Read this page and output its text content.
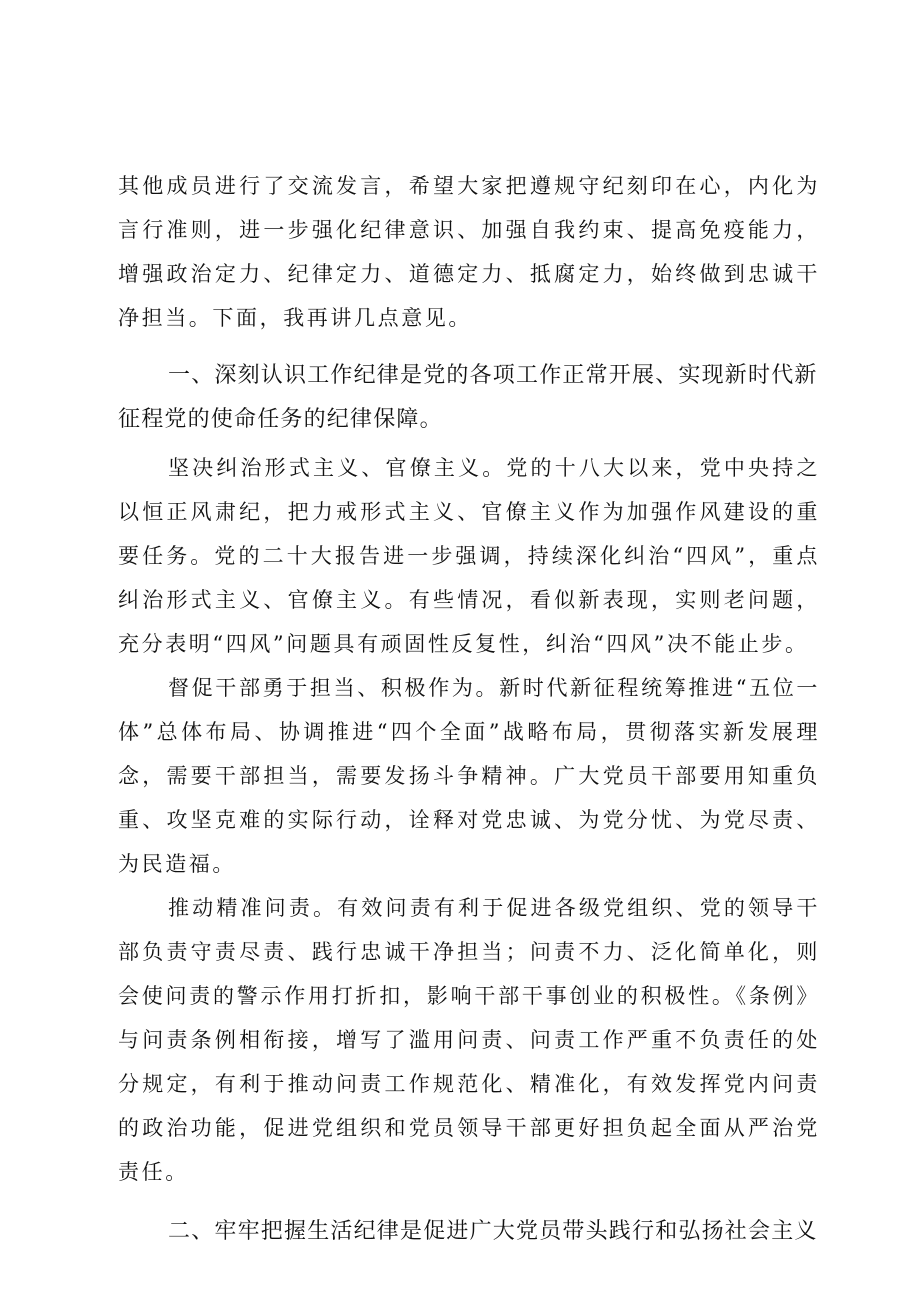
其他成员进行了交流发言，希望大家把遵规守纪刻印在心，内化为言行准则，进一步强化纪律意识、加强自我约束、提高免疫能力，增强政治定力、纪律定力、道德定力、抵腐定力，始终做到忠诚干净担当。下面，我再讲几点意见。

一、深刻认识工作纪律是党的各项工作正常开展、实现新时代新征程党的使命任务的纪律保障。

坚决纠治形式主义、官僚主义。党的十八大以来，党中央持之以恒正风肃纪，把力戒形式主义、官僚主义作为加强作风建设的重要任务。党的二十大报告进一步强调，持续深化纠治“四风”，重点纠治形式主义、官僚主义。有些情况，看似新表现，实则老问题，充分表明“四风”问题具有顽固性反复性，纠治“四风”决不能止步。

督促干部勇于担当、积极作为。新时代新征程统筹推进“五位一体”总体布局、协调推进“四个全面”战略布局，贯彻落实新发展理念，需要干部担当，需要发扬斗争精神。广大党员干部要用知重负重、攻坚克难的实际行动，诠释对党忠诚、为党分忧、为党尽责、为民造福。

推动精准问责。有效问责有利于促进各级党组织、党的领导干部负责守责尽责、践行忠诚干净担当；问责不力、泛化简单化，则会使问责的警示作用打折扣，影响干部干事创业的积极性。《条例》与问责条例相衔接，增写了滥用问责、问责工作严重不负责任的处分规定，有利于推动问责工作规范化、精准化，有效发挥党内问责的政治功能，促进党组织和党员领导干部更好担负起全面从严治党责任。

二、牢牢把握生活纪律是促进广大党员带头践行和弘扬社会主义
